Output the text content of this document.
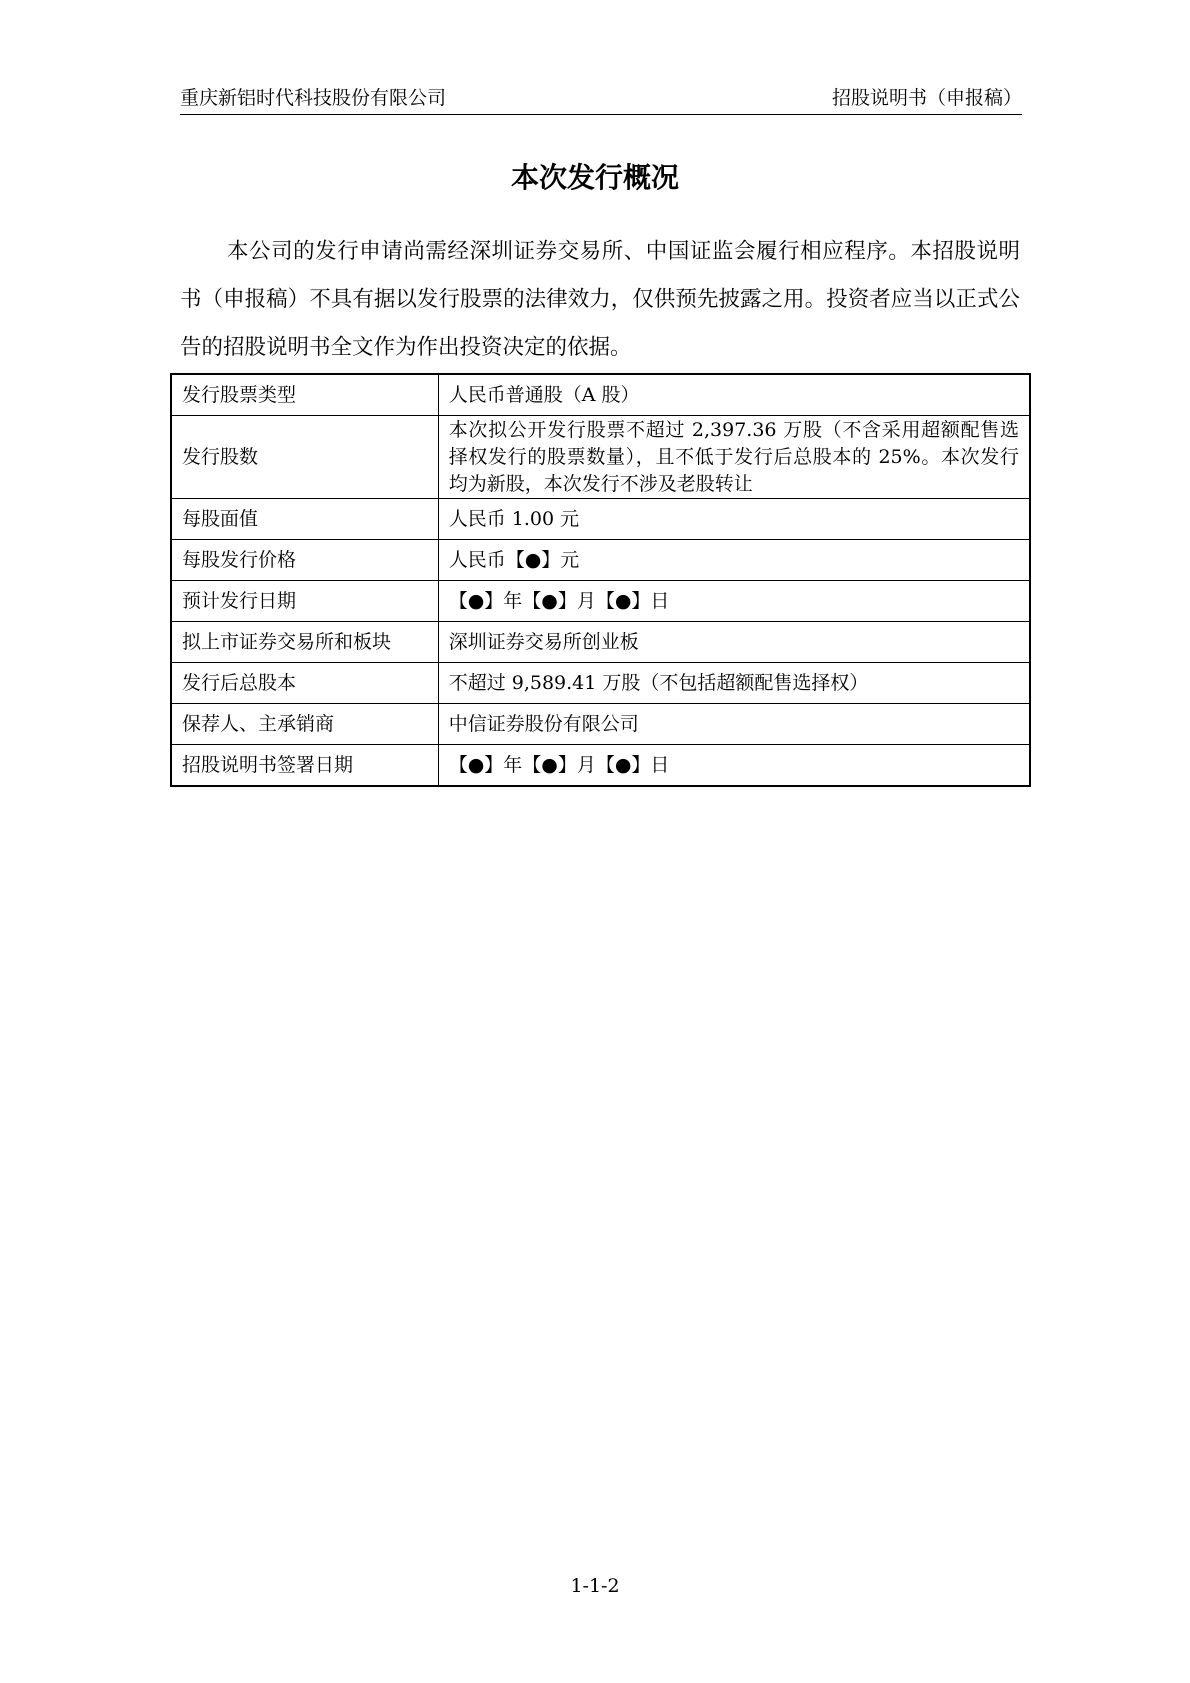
重庆新铝时代科技股份有限公司	招股说明书（申报稿）
本次发行概况

本公司的发行申请尚需经深圳证券交易所、中国证监会履行相应程序。本招股说明书（申报稿）不具有据以发行股票的法律效力，仅供预先披露之用。投资者应当以正式公告的招股说明书全文作为作出投资决定的依据。

发行股票类型	人民币普通股（A 股）
发行股数	本次拟公开发行股票不超过 2,397.36 万股（不含采用超额配售选择权发行的股票数量），且不低于发行后总股本的 25%。本次发行均为新股，本次发行不涉及老股转让
每股面值	人民币 1.00 元
每股发行价格	人民币【●】元
预计发行日期	【●】年【●】月【●】日
拟上市证券交易所和板块	深圳证券交易所创业板
发行后总股本	不超过 9,589.41 万股（不包括超额配售选择权）
保荐人、主承销商	中信证券股份有限公司
招股说明书签署日期	【●】年【●】月【●】日
1-1-2
